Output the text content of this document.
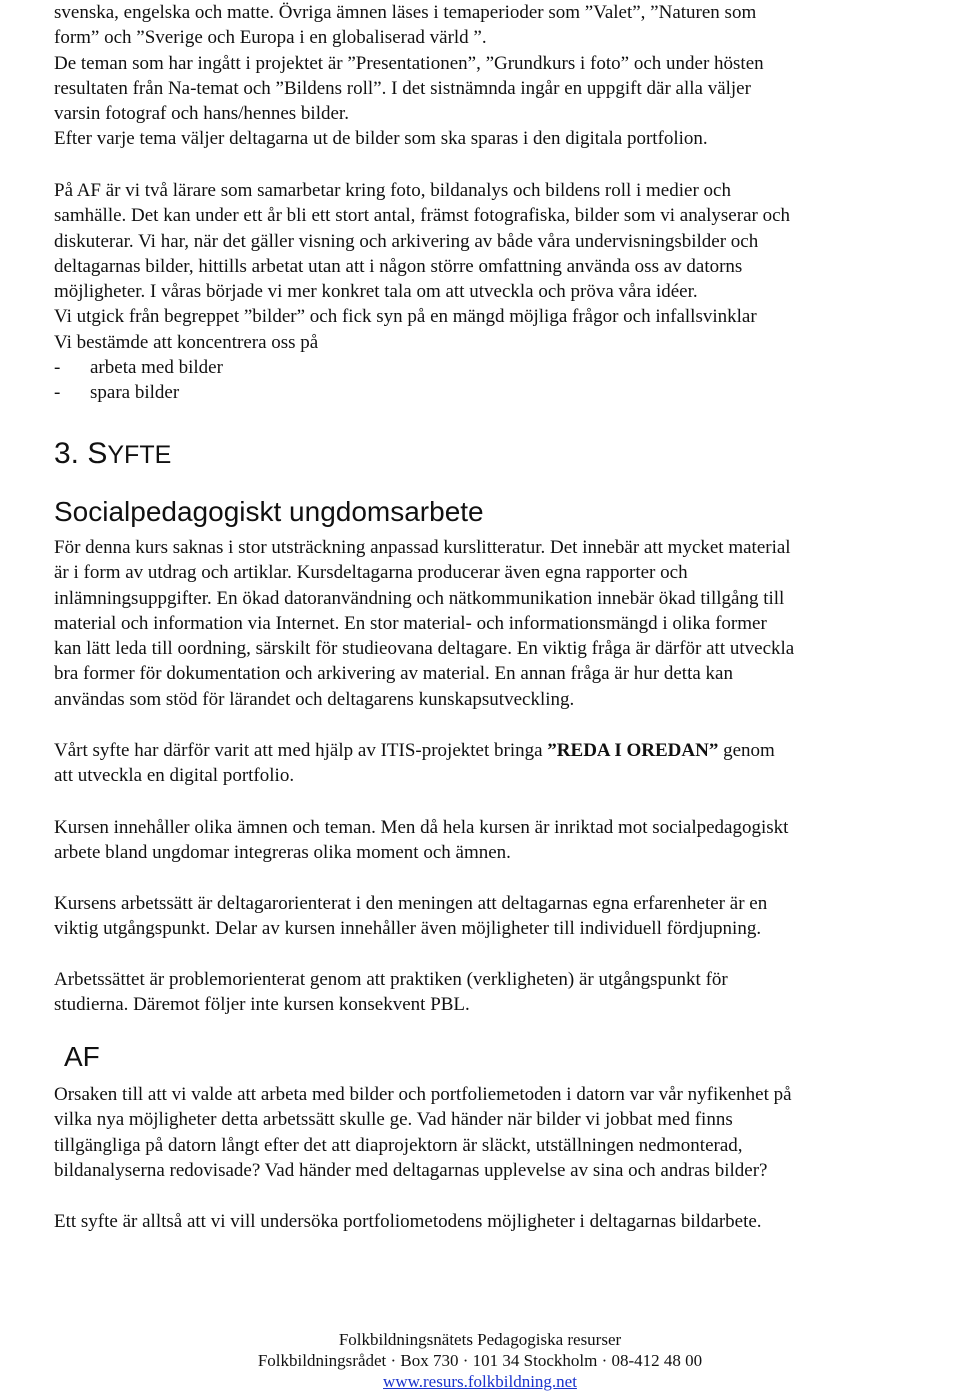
svenska, engelska och matte. Övriga ämnen läses i temaperioder som ”Valet”, ”Naturen som
form” och ”Sverige och Europa i en globaliserad värld ”.
De teman som har ingått i projektet är ”Presentationen”, ”Grundkurs i foto” och under hösten
resultaten från Na-temat och ”Bildens roll”. I det sistnämnda ingår en uppgift där alla väljer
varsin fotograf och hans/hennes bilder.
Efter varje tema väljer deltagarna ut de bilder som ska sparas i den digitala portfolion.
På AF är vi två lärare som samarbetar kring foto, bildanalys och bildens roll i medier och
samhälle. Det kan under ett år bli ett stort antal, främst fotografiska, bilder som vi analyserar och
diskuterar. Vi har, när det gäller visning och arkivering av både våra undervisningsbilder och
deltagarnas bilder, hittills arbetat utan att i någon större omfattning använda oss av datorns
möjligheter. I våras började vi mer konkret tala om att utveckla och pröva våra idéer.
Vi utgick från begreppet ”bilder” och fick syn på en mängd möjliga frågor och infallsvinklar
Vi bestämde att koncentrera oss på
- arbeta med bilder
- spara bilder
3. SYFTE
Socialpedagogiskt ungdomsarbete
För denna kurs saknas i stor utsträckning anpassad kurslitteratur. Det innebär att mycket material
är i form av utdrag och artiklar. Kursdeltagarna producerar även egna rapporter och
inlämningsuppgifter. En ökad datoranvändning och nätkommunikation innebär ökad tillgång till
material och information via Internet. En stor material- och informationsmängd i olika former
kan lätt leda till oordning, särskilt för studieovana deltagare. En viktig fråga är därför att utveckla
bra former för dokumentation och arkivering av material. En annan fråga är hur detta kan
användas som stöd för lärandet och deltagarens kunskapsutveckling.
Vårt syfte har därför varit att med hjälp av ITIS-projektet bringa ”REDA I OREDAN” genom
att utveckla en digital portfolio.
Kursen innehåller olika ämnen och teman. Men då hela kursen är inriktad mot socialpedagogiskt
arbete bland ungdomar integreras olika moment och ämnen.
Kursens arbetssätt är deltagarorienterat i den meningen att deltagarnas egna erfarenheter är en
viktig utgångspunkt. Delar av kursen innehåller även möjligheter till individuell fördjupning.
Arbetssättet är problemorienterat genom att praktiken (verkligheten) är utgångspunkt för
studierna. Däremot följer inte kursen konsekvent PBL.
AF
Orsaken till att vi valde att arbeta med bilder och portfoliemetoden i datorn var vår nyfikenhet på
vilka nya möjligheter detta arbetssätt skulle ge. Vad händer när bilder vi jobbat med finns
tillgängliga på datorn långt efter det att diaprojektorn är släckt, utställningen nedmonterad,
bildanalyserna redovisade? Vad händer med deltagarnas upplevelse av sina och andras bilder?
Ett syfte är alltså att vi vill undersöka portfoliometodens möjligheter i deltagarnas bildarbete.
Folkbildningsnätets Pedagogiska resurser
Folkbildningsrådet · Box 730 · 101 34 Stockholm · 08-412 48 00
www.resurs.folkbildning.net
